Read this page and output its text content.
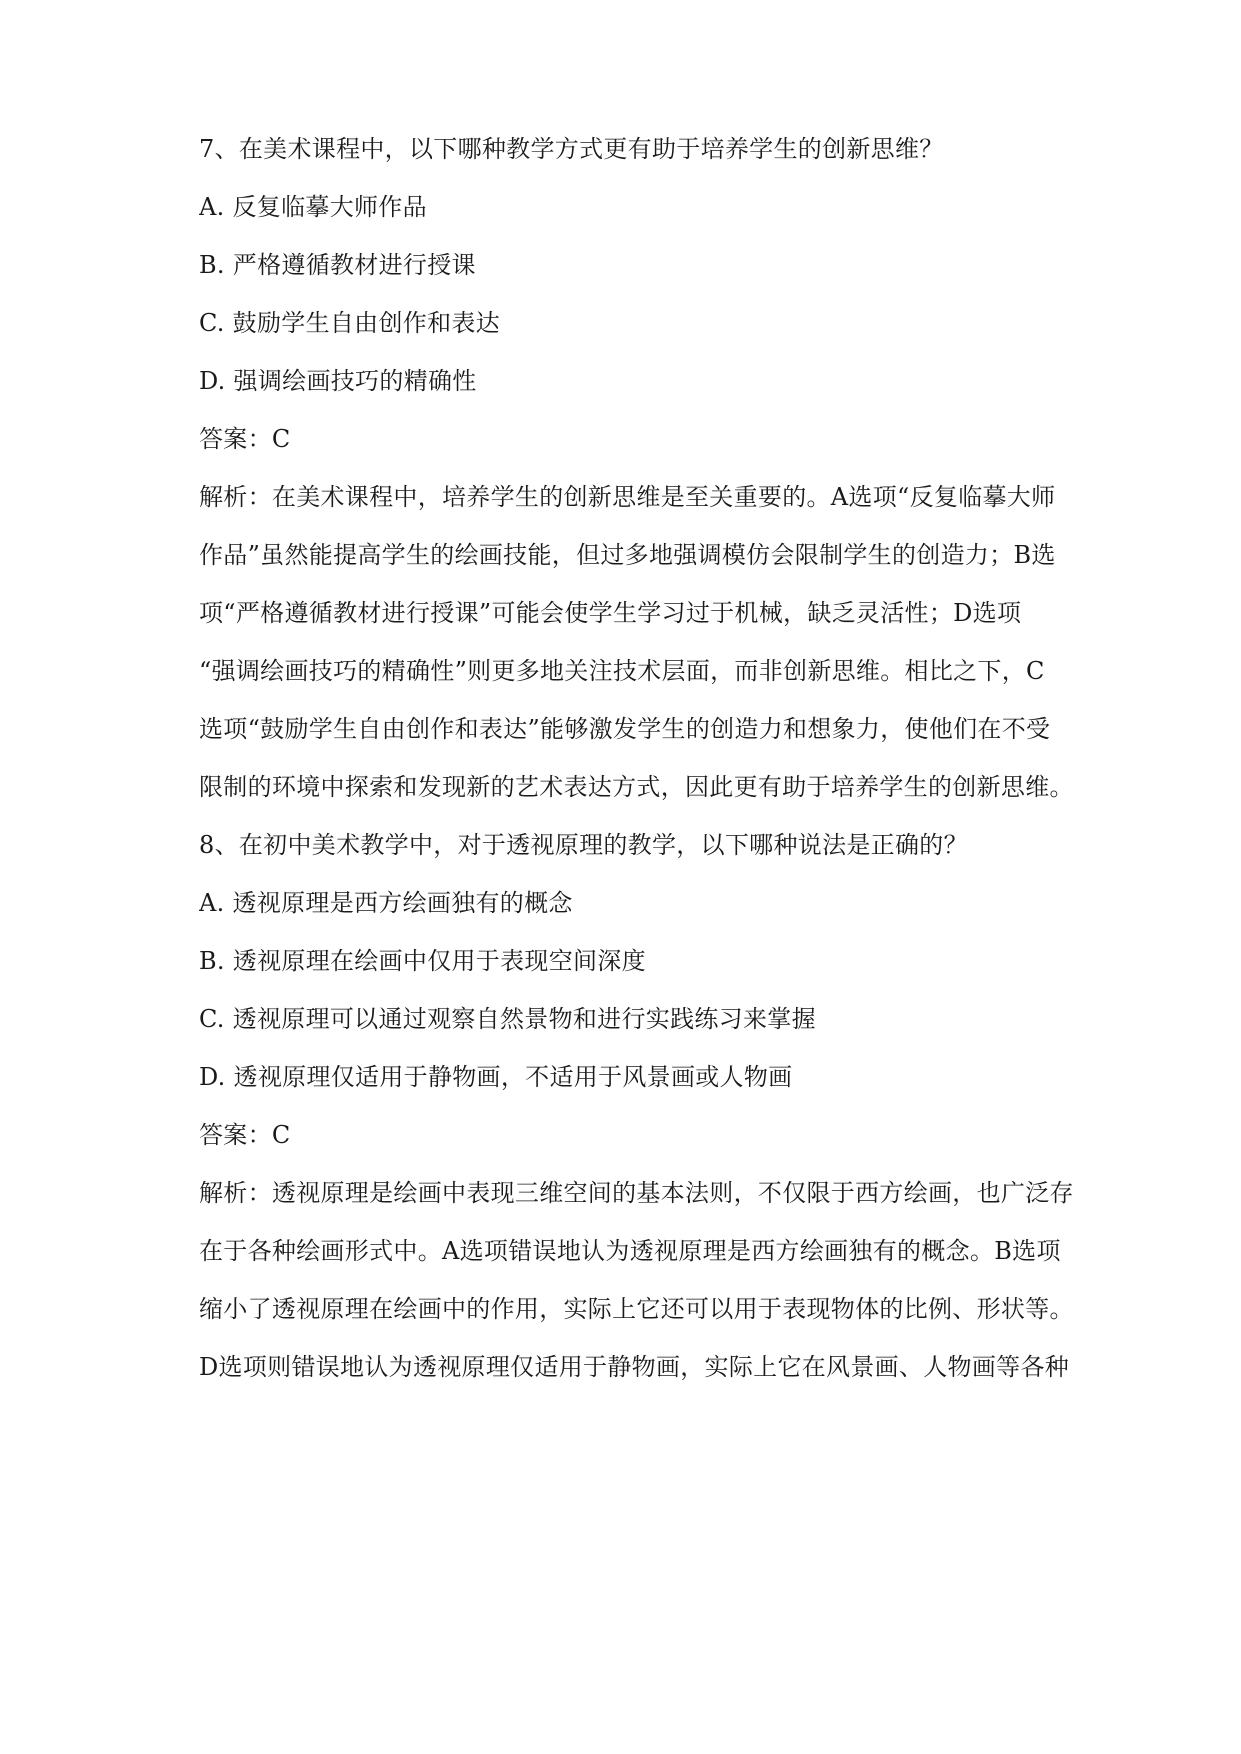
7、在美术课程中，以下哪种教学方式更有助于培养学生的创新思维？
A. 反复临摹大师作品
B. 严格遵循教材进行授课
C. 鼓励学生自由创作和表达
D. 强调绘画技巧的精确性
答案：C
解析：在美术课程中，培养学生的创新思维是至关重要的。A选项“反复临摹大师
作品”虽然能提高学生的绘画技能，但过多地强调模仿会限制学生的创造力；B选
项“严格遵循教材进行授课”可能会使学生学习过于机械，缺乏灵活性；D选项
“强调绘画技巧的精确性”则更多地关注技术层面，而非创新思维。相比之下，C
选项“鼓励学生自由创作和表达”能够激发学生的创造力和想象力，使他们在不受
限制的环境中探索和发现新的艺术表达方式，因此更有助于培养学生的创新思维。
8、在初中美术教学中，对于透视原理的教学，以下哪种说法是正确的？
A. 透视原理是西方绘画独有的概念
B. 透视原理在绘画中仅用于表现空间深度
C. 透视原理可以通过观察自然景物和进行实践练习来掌握
D. 透视原理仅适用于静物画，不适用于风景画或人物画
答案：C
解析：透视原理是绘画中表现三维空间的基本法则，不仅限于西方绘画，也广泛存
在于各种绘画形式中。A选项错误地认为透视原理是西方绘画独有的概念。B选项
缩小了透视原理在绘画中的作用，实际上它还可以用于表现物体的比例、形状等。
D选项则错误地认为透视原理仅适用于静物画，实际上它在风景画、人物画等各种
